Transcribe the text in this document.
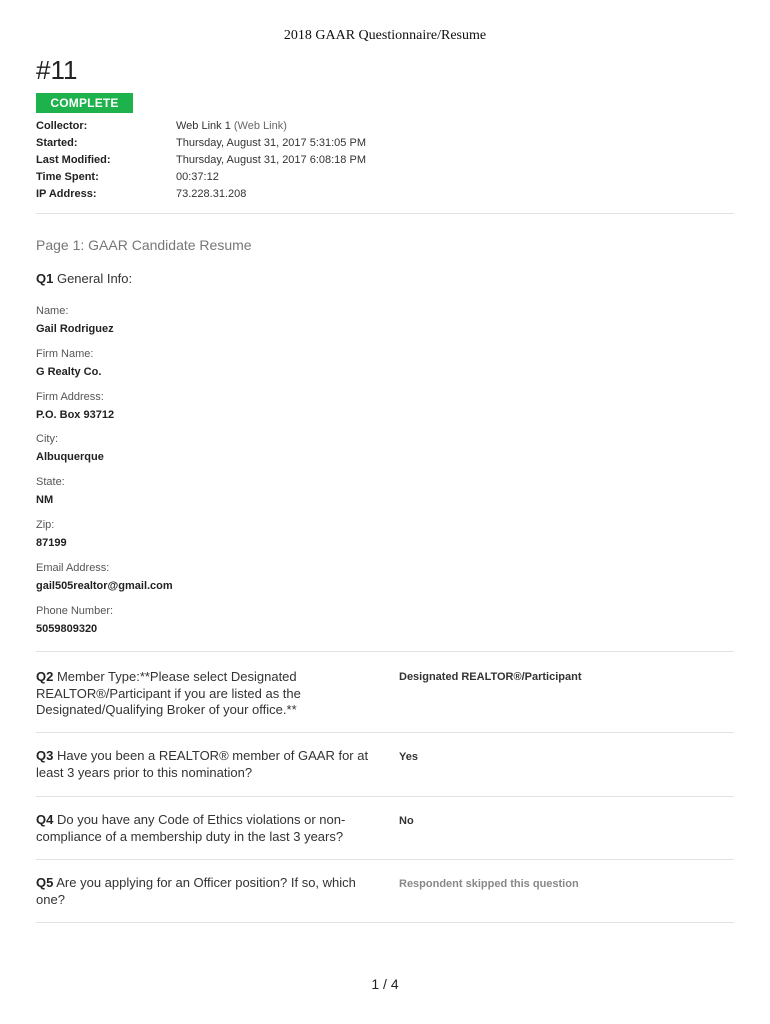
2018 GAAR Questionnaire/Resume
#11
COMPLETE
Collector:	Web Link 1 (Web Link)
Started:	Thursday, August 31, 2017 5:31:05 PM
Last Modified:	Thursday, August 31, 2017 6:08:18 PM
Time Spent:	00:37:12
IP Address:	73.228.31.208
Page 1: GAAR Candidate Resume
Q1 General Info:
Name:
Gail Rodriguez
Firm Name:
G Realty Co.
Firm Address:
P.O. Box 93712
City:
Albuquerque
State:
NM
Zip:
87199
Email Address:
gail505realtor@gmail.com
Phone Number:
5059809320
Q2 Member Type:**Please select Designated REALTOR®/Participant if you are listed as the Designated/Qualifying Broker of your office.**
Designated REALTOR®/Participant
Q3 Have you been a REALTOR® member of GAAR for at least 3 years prior to this nomination?
Yes
Q4 Do you have any Code of Ethics violations or non-compliance of a membership duty in the last 3 years?
No
Q5 Are you applying for an Officer position? If so, which one?
Respondent skipped this question
1 / 4
